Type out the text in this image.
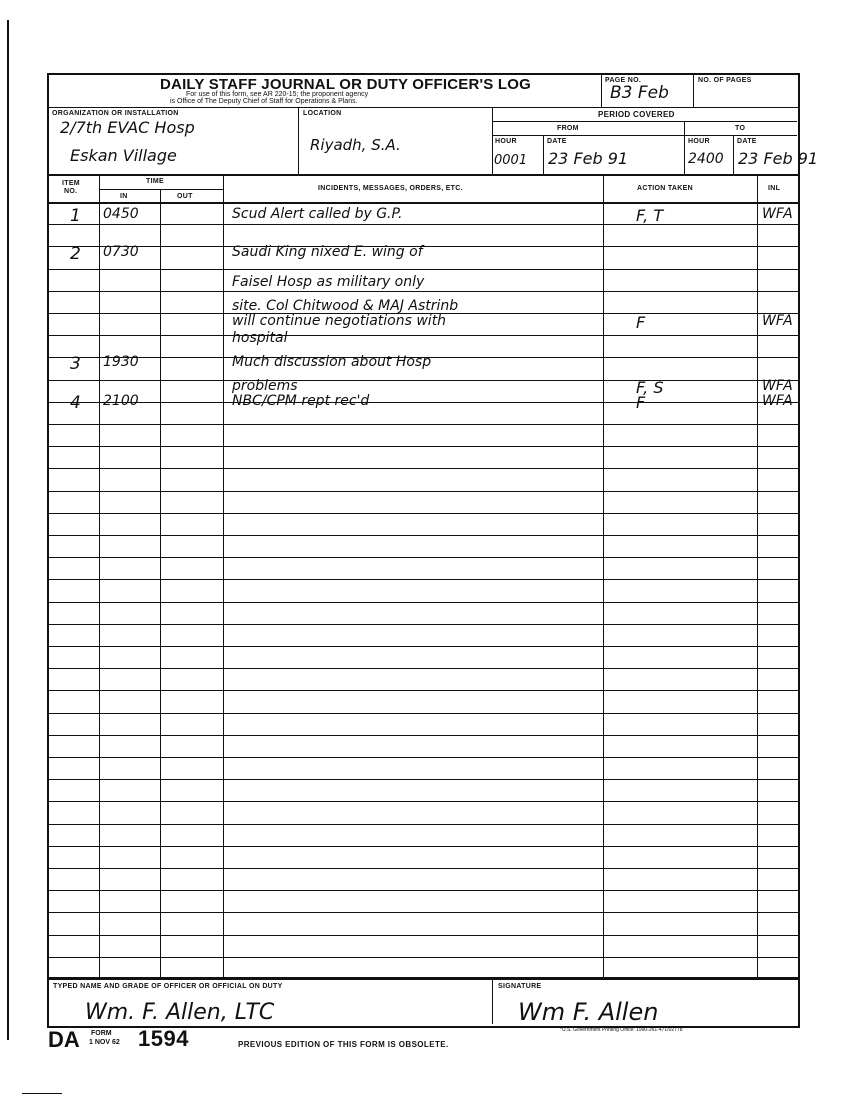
DAILY STAFF JOURNAL OR DUTY OFFICER'S LOG
For use of this form, see AR 220-15; the proponent agency
is Office of The Deputy Chief of Staff for Operations & Plans.
PAGE NO.
B3 Feb
NO. OF PAGES
ORGANIZATION OR INSTALLATION
2/7th EVAC Hosp
Eskan Village
LOCATION
Riyadh, S.A.
PERIOD COVERED
FROM	TO
HOUR	DATE	HOUR	DATE
0001 23 Feb 91	2400 23 Feb 91
ITEM
NO.
TIME
IN	OUT
INCIDENTS, MESSAGES, ORDERS, ETC.	ACTION TAKEN	INL
1 0450	Scud Alert called by G.P.	F, T	WFA
2 0730	Saudi King nixed E. wing of
Faisel Hosp as military only
site. Col Chitwood & MAJ Astrinb
will continue negotiations with	F	WFA
hospital
3 1930	Much discussion about Hosp
problems	F, S	WFA
4 2100	NBC/CPM rept rec'd	F	WFA
TYPED NAME AND GRADE OF OFFICER OR OFFICIAL ON DUTY
Wm. F. Allen, LTC
SIGNATURE
Wm F. Allen
DA FORM
1 NOV 62 1594	PREVIOUS EDITION OF THIS FORM IS OBSOLETE.
*U.S. Government Printing Office: 1990-261-471/02778
